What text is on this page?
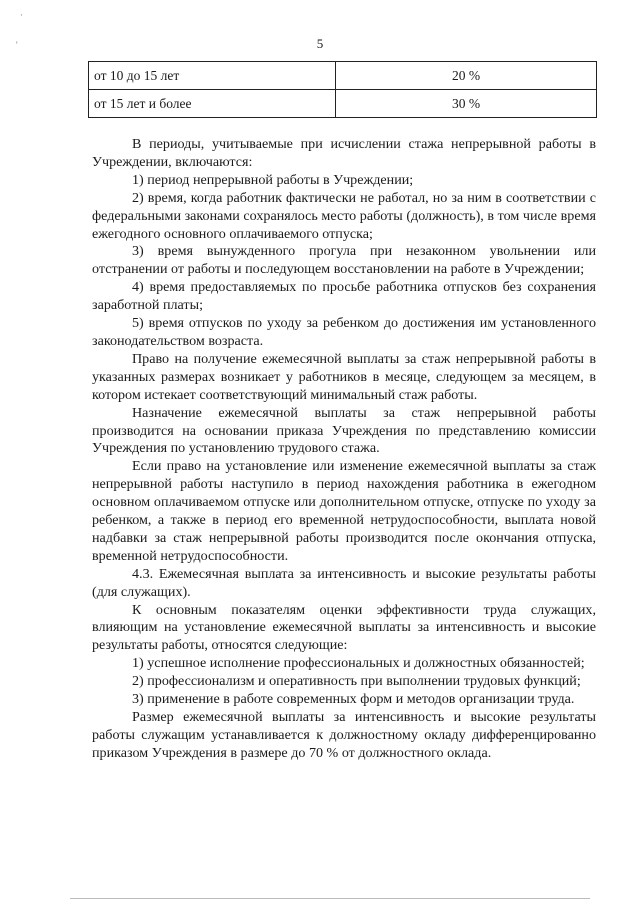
·
'	5
от 10 до 15 лет	20 %
от 15 лет и более	30 %

В периоды, учитываемые при исчислении стажа непрерывной работы в Учреждении, включаются:

1) период непрерывной работы в Учреждении;

2) время, когда работник фактически не работал, но за ним в соответствии с федеральными законами сохранялось место работы (должность), в том числе время ежегодного основного оплачиваемого отпуска;

3) время вынужденного прогула при незаконном увольнении или отстранении от работы и последующем восстановлении на работе в Учреждении;

4) время предоставляемых по просьбе работника отпусков без сохранения заработной платы;

5) время отпусков по уходу за ребенком до достижения им установленного законодательством возраста.

Право на получение ежемесячной выплаты за стаж непрерывной работы в указанных размерах возникает у работников в месяце, следующем за месяцем, в котором истекает соответствующий минимальный стаж работы.

Назначение ежемесячной выплаты за стаж непрерывной работы производится на основании приказа Учреждения по представлению комиссии Учреждения по установлению трудового стажа.

Если право на установление или изменение ежемесячной выплаты за стаж непрерывной работы наступило в период нахождения работника в ежегодном основном оплачиваемом отпуске или дополнительном отпуске, отпуске по уходу за ребенком, а также в период его временной нетрудоспособности, выплата новой надбавки за стаж непрерывной работы производится после окончания отпуска, временной нетрудоспособности.

4.3. Ежемесячная выплата за интенсивность и высокие результаты работы (для служащих).

К основным показателям оценки эффективности труда служащих, влияющим на установление ежемесячной выплаты за интенсивность и высокие результаты работы, относятся следующие:

1) успешное исполнение профессиональных и должностных обязанностей;

2) профессионализм и оперативность при выполнении трудовых функций;

3) применение в работе современных форм и методов организации труда.

Размер ежемесячной выплаты за интенсивность и высокие результаты работы служащим устанавливается к должностному окладу дифференцированно приказом Учреждения в размере до 70 % от должностного оклада.
